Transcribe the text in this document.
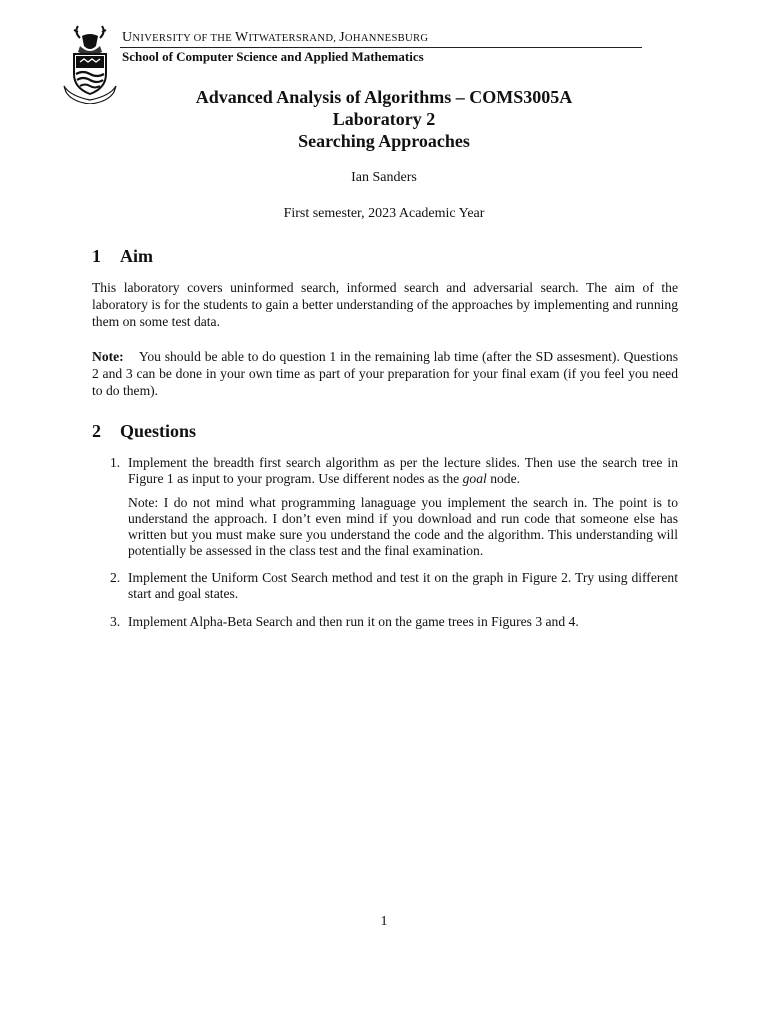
UNIVERSITY OF THE WITWATERSRAND, JOHANNESBURG
School of Computer Science and Applied Mathematics
Advanced Analysis of Algorithms – COMS3005A
Laboratory 2
Searching Approaches
Ian Sanders
First semester, 2023 Academic Year
1 Aim
This laboratory covers uninformed search, informed search and adversarial search. The aim of the laboratory is for the students to gain a better understanding of the approaches by implementing and running them on some test data.
Note: You should be able to do question 1 in the remaining lab time (after the SD assesment). Questions 2 and 3 can be done in your own time as part of your preparation for your final exam (if you feel you need to do them).
2 Questions
1. Implement the breadth first search algorithm as per the lecture slides. Then use the search tree in Figure 1 as input to your program. Use different nodes as the goal node.
Note: I do not mind what programming lanaguage you implement the search in. The point is to understand the approach. I don’t even mind if you download and run code that someone else has written but you must make sure you understand the code and the algorithm. This understanding will potentially be assessed in the class test and the final examination.
2. Implement the Uniform Cost Search method and test it on the graph in Figure 2. Try using different start and goal states.
3. Implement Alpha-Beta Search and then run it on the game trees in Figures 3 and 4.
1
